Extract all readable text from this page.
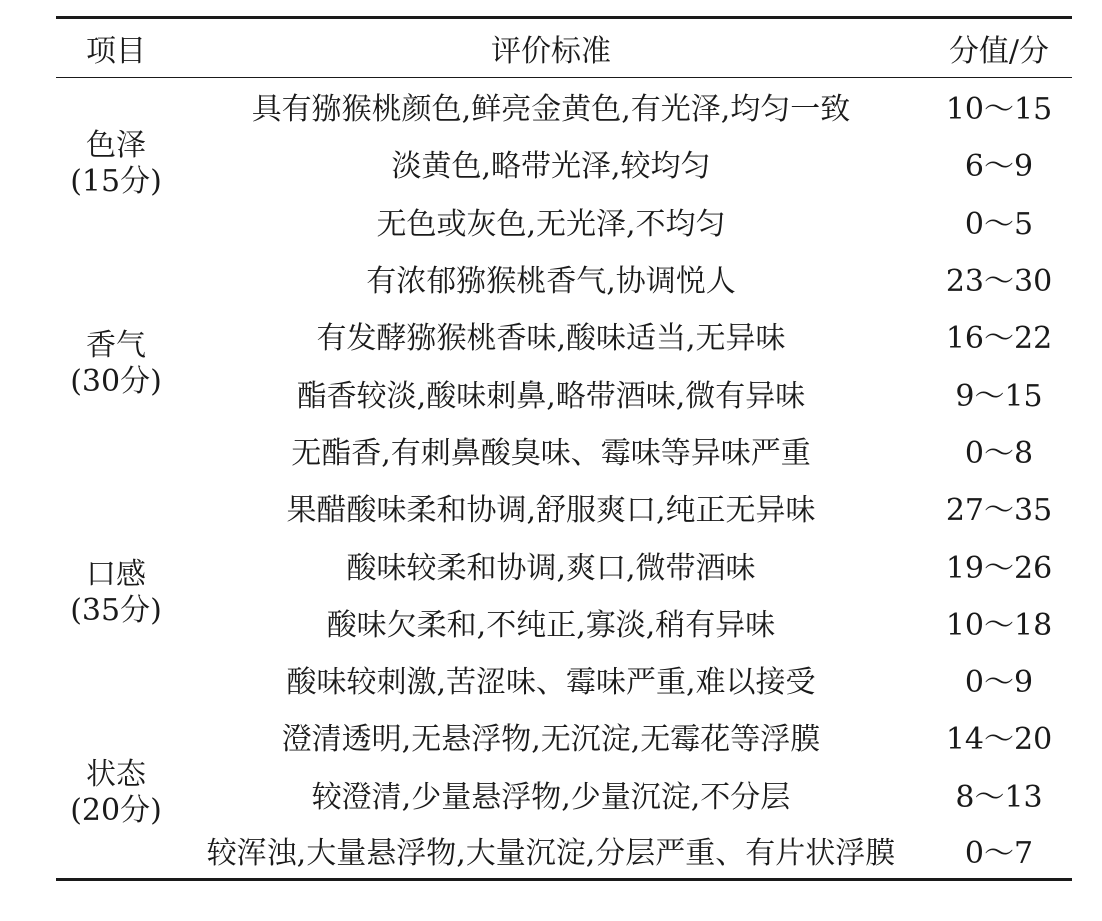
项目	评价标准	分值/分

色泽
(15分)	具有猕猴桃颜色,鲜亮金黄色,有光泽,均匀一致	10～15
	淡黄色,略带光泽,较均匀	6～9
	无色或灰色,无光泽,不均匀	0～5

香气
(30分)	有浓郁猕猴桃香气,协调悦人	23～30
	有发酵猕猴桃香味,酸味适当,无异味	16～22
	酯香较淡,酸味刺鼻,略带酒味,微有异味	9～15
	无酯香,有刺鼻酸臭味、霉味等异味严重	0～8

口感
(35分)	果醋酸味柔和协调,舒服爽口,纯正无异味	27～35
	酸味较柔和协调,爽口,微带酒味	19～26
	酸味欠柔和,不纯正,寡淡,稍有异味	10～18
	酸味较刺激,苦涩味、霉味严重,难以接受	0～9

状态
(20分)	澄清透明,无悬浮物,无沉淀,无霉花等浮膜	14～20
	较澄清,少量悬浮物,少量沉淀,不分层	8～13
	较浑浊,大量悬浮物,大量沉淀,分层严重、有片状浮膜	0～7
